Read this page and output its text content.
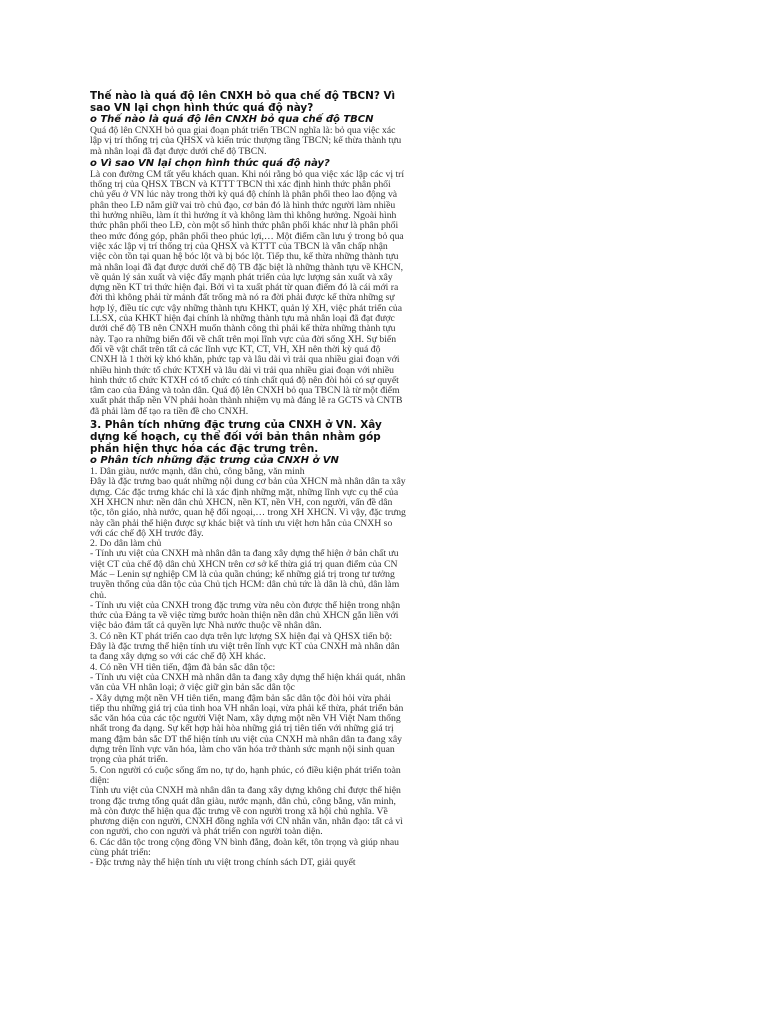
Thế nào là quá độ lên CNXH bỏ qua chế độ TBCN? Vì sao VN lại chọn hình thức quá độ này?

o Thế nào là quá độ lên CNXH bỏ qua chế độ TBCN

Quá độ lên CNXH bỏ qua giai đoạn phát triển TBCN nghĩa là: bỏ qua việc xác lập vị trí thống trị của QHSX và kiến trúc thượng tầng TBCN; kế thừa thành tựu mà nhân loại đã đạt được dưới chế độ TBCN.

o Vì sao VN lại chọn hình thức quá độ này?

Là con đường CM tất yếu khách quan. Khi nói rằng bỏ qua việc xác lập các vị trí thống trị của QHSX TBCN và KTTT TBCN thì xác định hình thức phân phối chủ yếu ở VN lúc này trong thời kỳ quá độ chính là phân phối theo lao động và phân theo LĐ nắm giữ vai trò chủ đạo, cơ bản đó là hình thức người làm nhiều thì hưởng nhiều, làm ít thì hưởng ít và không làm thì không hưởng. Ngoài hình thức phân phối theo LĐ, còn một số hình thức phân phối khác như là phân phối theo mức đóng góp, phân phối theo phúc lợi,… Một điểm cần lưu ý trong bỏ qua việc xác lập vị trí thống trị của QHSX và KTTT của TBCN là vẫn chấp nhận việc còn tồn tại quan hệ bóc lột và bị bóc lột. Tiếp thu, kế thừa những thành tựu mà nhân loại đã đạt được dưới chế độ TB đặc biệt là những thành tựu về KHCN, về quản lý sản xuất và việc đẩy mạnh phát triển của lực lượng sản xuất và xây dựng nền KT tri thức hiện đại. Bởi vì ta xuất phát từ quan điểm đó là cái mới ra đời thì không phải từ mảnh đất trống mà nó ra đời phải được kế thừa những sự hợp lý, điều tíc cực vậy những thành tựu KHKT, quản lý XH, việc phát triển của LLSX, của KHKT hiện đại chính là những thành tựu mà nhân loại đã đạt được dưới chế độ TB nên CNXH muốn thành công thì phải kế thừa những thành tựu này. Tạo ra những biến đổi về chất trên mọi lĩnh vực của đời sống XH. Sự biến đổi về vật chất trên tất cả các lĩnh vực KT, CT, VH, XH nên thời kỳ quá độ CNXH là 1 thời kỳ khó khăn, phức tạp và lâu dài vì trải qua nhiều giai đoạn với nhiều hình thức tổ chức KTXH và lâu dài vì trải qua nhiều giai đoạn với nhiều hình thức tổ chức KTXH có tổ chức có tính chất quá độ nên đòi hỏi có sự quyết tâm cao của Đảng và toàn dân. Quá độ lên CNXH bỏ qua TBCN là từ một điểm xuất phát thấp nền VN phải hoàn thành nhiệm vụ mà đáng lẽ ra GCTS và CNTB đã phải làm để tạo ra tiền đề cho CNXH.

3. Phân tích những đặc trưng của CNXH ở VN. Xây dựng kế hoạch, cụ thể đối với bản thân nhằm góp phần hiện thực hóa các đặc trưng trên.

o Phân tích những đặc trưng của CNXH ở VN

1. Dân giàu, nước mạnh, dân chủ, công bằng, văn minh
Đây là đặc trưng bao quát những nội dung cơ bản của XHCN mà nhân dân ta xây dựng. Các đặc trưng khác chỉ là xác định những mặt, những lĩnh vực cụ thể của XH XHCN như: nền dân chủ XHCN, nền KT, nền VH, con người, vấn đề dân tộc, tôn giáo, nhà nước, quan hệ đối ngoại,… trong XH XHCN. Vì vậy, đặc trưng này cần phải thể hiện được sự khác biệt và tính ưu việt hơn hẳn của CNXH so với các chế độ XH trước đây.
2. Do dân làm chủ
- Tính ưu việt của CNXH mà nhân dân ta đang xây dựng thể hiện ở bản chất ưu việt CT của chế độ dân chủ XHCN trên cơ sở kế thừa giá trị quan điểm của CN Mác – Lenin sự nghiệp CM là của quần chúng; kế những giá trị trong tư tưởng truyền thống của dân tộc của Chủ tịch HCM: dân chủ tức là dân là chủ, dân làm chủ.
- Tính ưu việt của CNXH trong đặc trưng vừa nêu còn được thể hiện trong nhận thức của Đảng ta về việc từng bước hoàn thiện nền dân chủ XHCN gắn liền với việc bảo đảm tất cả quyền lực Nhà nước thuộc về nhân dân.
3. Có nền KT phát triển cao dựa trên lực lượng SX hiện đại và QHSX tiến bộ: Đây là đặc trưng thể hiện tính ưu việt trên lĩnh vực KT của CNXH mà nhân dân ta đang xây dựng so với các chế độ XH khác.
4. Có nền VH tiên tiến, đậm đà bản sắc dân tộc:
- Tính ưu việt của CNXH mà nhân dân ta đang xây dựng thể hiện khái quát, nhân văn của VH nhân loại; ở việc giữ gìn bản sắc dân tộc
- Xây dựng một nền VH tiên tiến, mang đậm bản sắc dân tộc đòi hỏi vừa phải tiếp thu những giá trị của tinh hoa VH nhân loại, vừa phải kế thừa, phát triển bản sắc văn hóa của các tộc người Việt Nam, xây dựng một nền VH Việt Nam thống nhất trong đa dạng. Sự kết hợp hài hòa những giá trị tiên tiến với những giá trị mang đậm bản sắc DT thể hiện tính ưu việt của CNXH mà nhân dân ta đang xây dựng trên lĩnh vực văn hóa, làm cho văn hóa trở thành sức mạnh nội sinh quan trọng của phát triển.
5. Con người có cuộc sống ấm no, tự do, hạnh phúc, có điều kiện phát triển toàn diện:
Tính ưu việt của CNXH mà nhân dân ta đang xây dựng không chỉ được thể hiện trong đặc trưng tổng quát dân giàu, nước mạnh, dân chủ, công bằng, văn minh, mà còn được thể hiện qua đặc trưng về con người trong xã hội chủ nghĩa. Về phương diện con người, CNXH đồng nghĩa với CN nhân văn, nhân đạo: tất cả vì con người, cho con người và phát triển con người toàn diện.
6. Các dân tộc trong cộng đồng VN bình đẳng, đoàn kết, tôn trọng và giúp nhau cùng phát triển:
- Đặc trưng này thể hiện tính ưu việt trong chính sách DT, giải quyết
